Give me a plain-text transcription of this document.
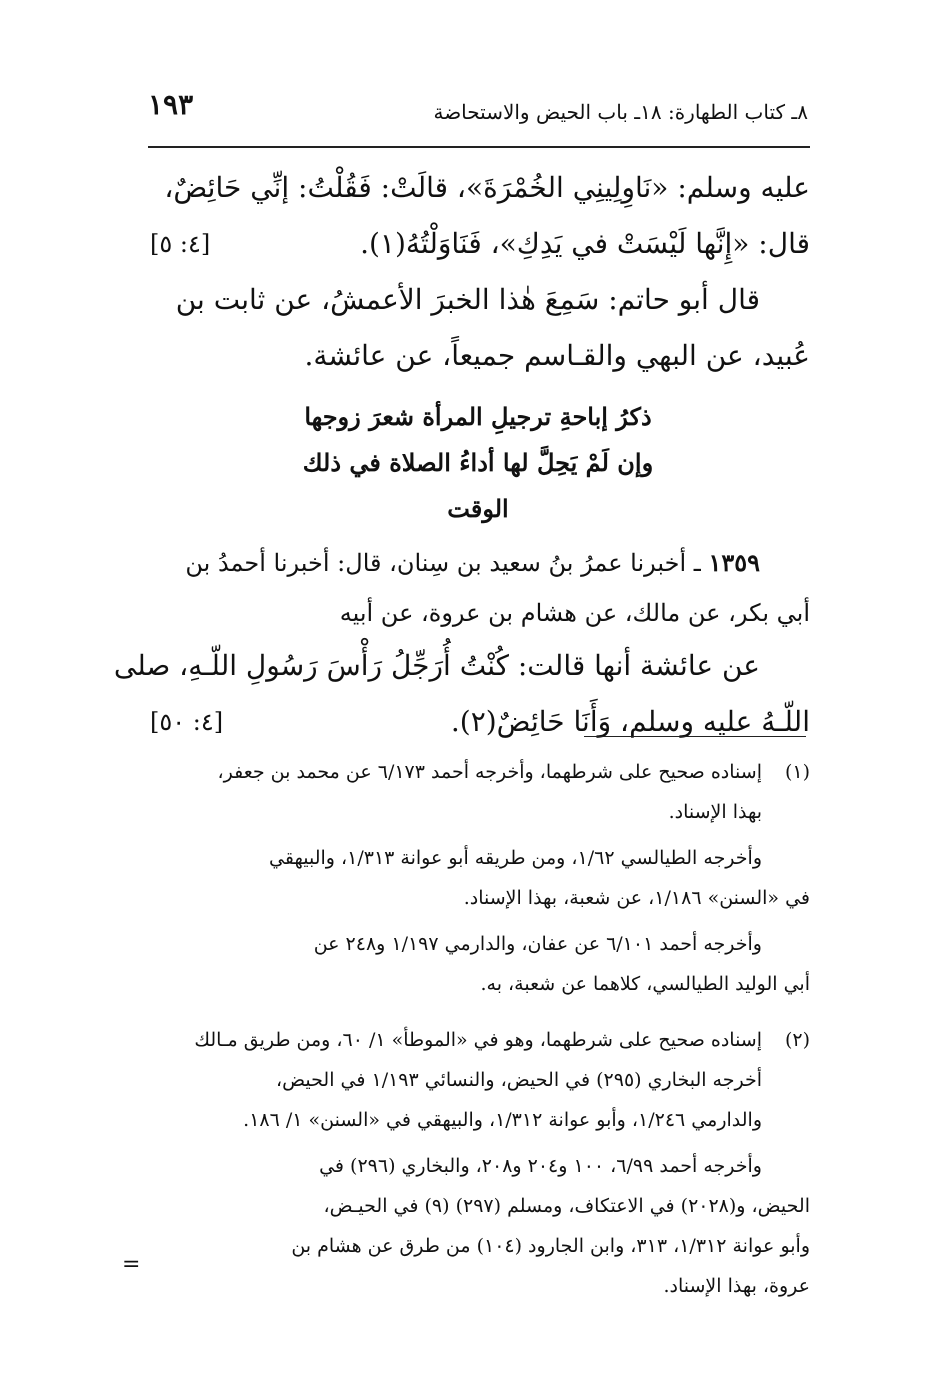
٨ـ كتاب الطهارة: ١٨ـ باب الحيض والاستحاضة
١٩٣
عليه وسلم: «نَاوِلِينِي الخُمْرَةَ»، قالَتْ: فَقُلْتُ: إنِّي حَائِضٌ،
قال: «إِنَّها لَيْسَتْ في يَدِكِ»، فَنَاوَلْتُهُ(١).
[٤: ٥]
قال أبو حاتم: سَمِعَ هٰذا الخبرَ الأعمشُ، عن ثابت بن
عُبيد، عن البهي والقـاسم جميعاً، عن عائشة.
ذكرُ إباحةِ ترجيلِ المرأة شعرَ زوجها
وإن لَمْ يَحِلَّ لها أداءُ الصلاة في ذلك
الوقت
١٣٥٩ ـ أخبرنا عمرُ بنُ سعيد بن سِنان، قال: أخبرنا أحمدُ بن
أبي بكر، عن مالك، عن هشام بن عروة، عن أبيه
عن عائشة أنها قالت: كُنْتُ أُرَجِّلُ رَأْسَ رَسُولِ اللّـهِ، صلى
اللّـهُ عليه وسلم، وَأَنَا حَائِضٌ(٢).
[٤: ٥٠]
(١)
إسناده صحيح على شرطهما، وأخرجه أحمد ٦/١٧٣ عن محمد بن جعفر،
بهذا الإسناد.
وأخرجه الطيالسي ١/٦٢، ومن طريقه أبو عوانة ١/٣١٣، والبيهقي
في «السنن» ١/١٨٦، عن شعبة، بهذا الإسناد.
وأخرجه أحمد ٦/١٠١ عن عفان، والدارمي ١/١٩٧ و٢٤٨ عن
أبي الوليد الطيالسي، كلاهما عن شعبة، به.
(٢)
إسناده صحيح على شرطهما، وهو في «الموطأ» ١/ ٦٠، ومن طريق مـالك
أخرجه البخاري (٢٩٥) في الحيض، والنسائي ١/١٩٣ في الحيض،
والدارمي ١/٢٤٦، وأبو عوانة ١/٣١٢، والبيهقي في «السنن» ١/ ١٨٦.
وأخرجه أحمد ٦/٩٩، ١٠٠ و٢٠٤ و٢٠٨، والبخاري (٢٩٦) في
الحيض، و(٢٠٢٨) في الاعتكاف، ومسلم (٢٩٧) (٩) في الحيـض،
وأبو عوانة ١/٣١٢، ٣١٣، وابن الجارود (١٠٤) من طرق عن هشام بن
عروة، بهذا الإسناد.
=
